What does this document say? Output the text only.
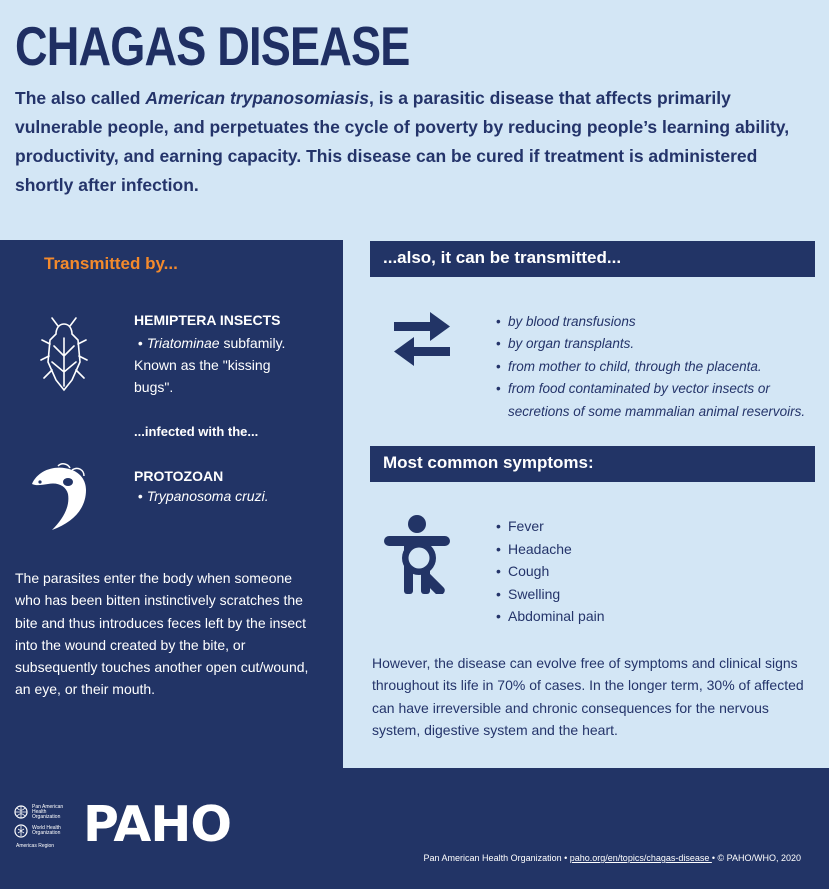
CHAGAS DISEASE

The also called American trypanosomiasis, is a parasitic disease that affects primarily vulnerable people, and perpetuates the cycle of poverty by reducing people’s learning ability, productivity, and earning capacity. This disease can be cured if treatment is administered shortly after infection.

Transmitted by...
HEMIPTERA INSECTS
• Triatominae subfamily. Known as the "kissing bugs".
...infected with the...
PROTOZOAN
• Trypanosoma cruzi.

The parasites enter the body when someone who has been bitten instinctively scratches the bite and thus introduces feces left by the insect into the wound created by the bite, or subsequently touches another open cut/wound, an eye, or their mouth.

...also, it can be transmitted...
• by blood transfusions
• by organ transplants.
• from mother to child, through the placenta.
• from food contaminated by vector insects or secretions of some mammalian animal reservoirs.
Most common symptoms:
• Fever
• Headache
• Cough
• Swelling
• Abdominal pain

However, the disease can evolve free of symptoms and clinical signs throughout its life in 70% of cases. In the longer term, 30% of affected can have irreversible and chronic consequences for the nervous system, digestive system and the heart.

Pan American
Health
Organization
World Health
Organization
Americas Region PAHO
Pan American Health Organization • paho.org/en/topics/chagas-disease • © PAHO/WHO, 2020
